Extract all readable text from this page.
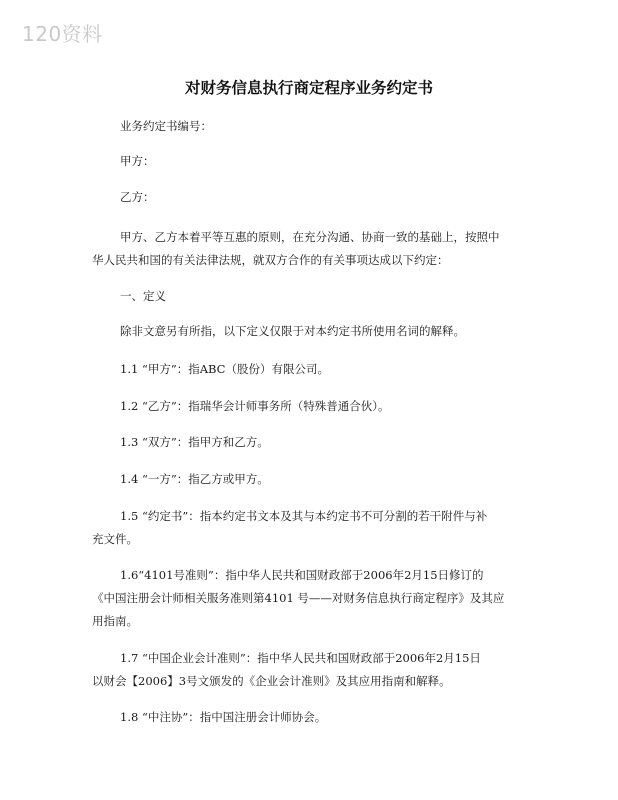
120资料
对财务信息执行商定程序业务约定书
业务约定书编号：
甲方：
乙方：
甲方、乙方本着平等互惠的原则，在充分沟通、协商一致的基础上，按照中
华人民共和国的有关法律法规，就双方合作的有关事项达成以下约定：
一、定义
除非文意另有所指，以下定义仅限于对本约定书所使用名词的解释。
1.1 “甲方”：指ABC（股份）有限公司。
1.2 “乙方”：指瑞华会计师事务所（特殊普通合伙）。
1.3 “双方”：指甲方和乙方。
1.4 “一方”：指乙方或甲方。
1.5 “约定书”：指本约定书文本及其与本约定书不可分割的若干附件与补
充文件。
1.6“4101号准则”：指中华人民共和国财政部于2006年2月15日修订的
《中国注册会计师相关服务准则第4101 号——对财务信息执行商定程序》及其应
用指南。
1.7 “中国企业会计准则”：指中华人民共和国财政部于2006年2月15日
以财会【2006】3号文颁发的《企业会计准则》及其应用指南和解释。
1.8 “中注协”：指中国注册会计师协会。
